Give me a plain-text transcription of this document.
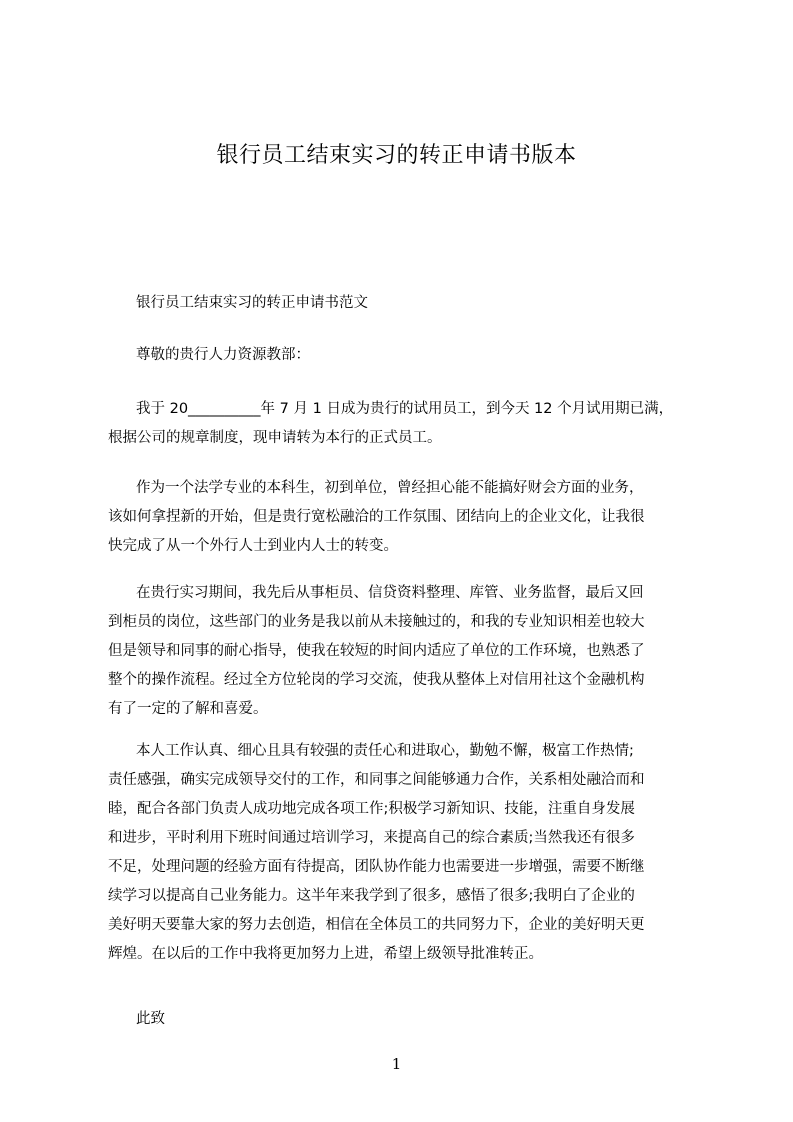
银行员工结束实习的转正申请书版本
银行员工结束实习的转正申请书范文
尊敬的贵行人力资源教部：
我于 20__________年 7 月 1 日成为贵行的试用员工，到今天 12 个月试用期已满，
根据公司的规章制度，现申请转为本行的正式员工。
作为一个法学专业的本科生，初到单位，曾经担心能不能搞好财会方面的业务，
该如何拿捏新的开始，但是贵行宽松融洽的工作氛围、团结向上的企业文化，让我很
快完成了从一个外行人士到业内人士的转变。
在贵行实习期间，我先后从事柜员、信贷资料整理、库管、业务监督，最后又回
到柜员的岗位，这些部门的业务是我以前从未接触过的，和我的专业知识相差也较大
但是领导和同事的耐心指导，使我在较短的时间内适应了单位的工作环境，也熟悉了
整个的操作流程。经过全方位轮岗的学习交流，使我从整体上对信用社这个金融机构
有了一定的了解和喜爱。
本人工作认真、细心且具有较强的责任心和进取心，勤勉不懈，极富工作热情;
责任感强，确实完成领导交付的工作，和同事之间能够通力合作，关系相处融洽而和
睦，配合各部门负责人成功地完成各项工作;积极学习新知识、技能，注重自身发展
和进步，平时利用下班时间通过培训学习，来提高自己的综合素质;当然我还有很多
不足，处理问题的经验方面有待提高，团队协作能力也需要进一步增强，需要不断继
续学习以提高自己业务能力。这半年来我学到了很多，感悟了很多;我明白了企业的
美好明天要靠大家的努力去创造，相信在全体员工的共同努力下，企业的美好明天更
辉煌。在以后的工作中我将更加努力上进，希望上级领导批准转正。
此致
1
